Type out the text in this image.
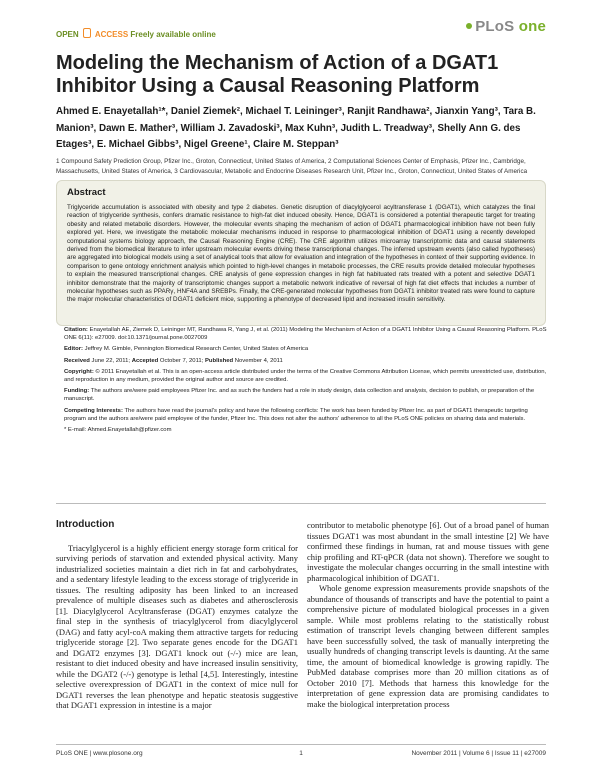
OPEN ACCESS Freely available online	PLoS one
Modeling the Mechanism of Action of a DGAT1 Inhibitor Using a Causal Reasoning Platform
Ahmed E. Enayetallah¹*, Daniel Ziemek², Michael T. Leininger³, Ranjit Randhawa², Jianxin Yang³, Tara B. Manion³, Dawn E. Mather³, William J. Zavadoski³, Max Kuhn³, Judith L. Treadway³, Shelly Ann G. des Etages³, E. Michael Gibbs³, Nigel Greene¹, Claire M. Steppan³
1 Compound Safety Prediction Group, Pfizer Inc., Groton, Connecticut, United States of America, 2 Computational Sciences Center of Emphasis, Pfizer Inc., Cambridge, Massachusetts, United States of America, 3 Cardiovascular, Metabolic and Endocrine Diseases Research Unit, Pfizer Inc., Groton, Connecticut, United States of America
Abstract

Triglyceride accumulation is associated with obesity and type 2 diabetes. Genetic disruption of diacylglycerol acyltransferase 1 (DGAT1), which catalyzes the final reaction of triglyceride synthesis, confers dramatic resistance to high-fat diet induced obesity. Hence, DGAT1 is considered a potential therapeutic target for treating obesity and related metabolic disorders. However, the molecular events shaping the mechanism of action of DGAT1 pharmacological inhibition have not been fully explored yet. Here, we investigate the metabolic molecular mechanisms induced in response to pharmacological inhibition of DGAT1 using a recently developed computational systems biology approach, the Causal Reasoning Engine (CRE). The CRE algorithm utilizes microarray transcriptomic data and causal statements derived from the biomedical literature to infer upstream molecular events driving these transcriptional changes. The inferred upstream events (also called hypotheses) are aggregated into biological models using a set of analytical tools that allow for evaluation and integration of the hypotheses in context of their supporting evidence. In comparison to gene ontology enrichment analysis which pointed to high-level changes in metabolic processes, the CRE results provide detailed molecular hypotheses to explain the measured transcriptional changes. CRE analysis of gene expression changes in high fat habituated rats treated with a potent and selective DGAT1 inhibitor demonstrate that the majority of transcriptomic changes support a metabolic network indicative of reversal of high fat diet effects that includes a number of molecular hypotheses such as PPARγ, HNF4A and SREBPs. Finally, the CRE-generated molecular hypotheses from DGAT1 inhibitor treated rats were found to capture the major molecular characteristics of DGAT1 deficient mice, supporting a phenotype of decreased lipid and increased insulin sensitivity.

Citation: Enayetallah AE, Ziemek D, Leininger MT, Randhawa R, Yang J, et al. (2011) Modeling the Mechanism of Action of a DGAT1 Inhibitor Using a Causal Reasoning Platform. PLoS ONE 6(11): e27009. doi:10.1371/journal.pone.0027009
Editor: Jeffrey M. Gimble, Pennington Biomedical Research Center, United States of America
Received June 22, 2011; Accepted October 7, 2011; Published November 4, 2011
Copyright: © 2011 Enayetallah et al. This is an open-access article distributed under the terms of the Creative Commons Attribution License, which permits unrestricted use, distribution, and reproduction in any medium, provided the original author and source are credited.
Funding: The authors are/were paid employees Pfizer Inc. and as such the funders had a role in study design, data collection and analysis, decision to publish, or preparation of the manuscript.
Competing Interests: The authors have read the journal's policy and have the following conflicts: The work has been funded by Pfizer Inc. as part of DGAT1 therapeutic targeting program and the authors are/were paid employee of the funder, Pfizer Inc. This does not alter the authors' adherence to all the PLoS ONE policies on sharing data and materials.
* E-mail: Ahmed.Enayetallah@pfizer.com
Introduction

Triacylglycerol is a highly efficient energy storage form critical for surviving periods of starvation and extended physical activity. Many industrialized societies maintain a diet rich in fat and carbohydrates, and a sedentary lifestyle leading to the excess storage of triglyceride in tissues. The resulting adiposity has been linked to an increased prevalence of multiple diseases such as diabetes and atherosclerosis [1]. Diacylglycerol Acyltransferase (DGAT) enzymes catalyze the final step in the synthesis of triacylglycerol from diacylglycerol (DAG) and fatty acyl-coA making them attractive targets for reducing triglyceride storage [2]. Two separate genes encode for the DGAT1 and DGAT2 enzymes [3]. DGAT1 knock out (-/-) mice are lean, resistant to diet induced obesity and have increased insulin sensitivity, while the DGAT2 (-/-) genotype is lethal [4,5]. Interestingly, intestine selective overexpression of DGAT1 in the context of mice null for DGAT1 reverses the lean phenotype and hepatic steatosis suggestive that DGAT1 expression in intestine is a major

contributor to metabolic phenotype [6]. Out of a broad panel of human tissues DGAT1 was most abundant in the small intestine [2] We have confirmed these findings in human, rat and mouse tissues with gene chip profiling and RT-qPCR (data not shown). Therefore we sought to investigate the molecular changes occurring in the small intestine with pharmacological inhibition of DGAT1.

Whole genome expression measurements provide snapshots of the abundance of thousands of transcripts and have the potential to paint a comprehensive picture of modulated biological processes in a given sample. While most problems relating to the statistically robust estimation of transcript levels changing between different samples have been successfully solved, the task of manually interpreting the usually hundreds of changing transcript levels is daunting. At the same time, the amount of biomedical knowledge is growing rapidly. The PubMed database comprises more than 20 million citations as of October 2010 [7]. Methods that harness this knowledge for the interpretation of gene expression data are promising candidates to make the biological interpretation process

PLoS ONE | www.plosone.org	1	November 2011 | Volume 6 | Issue 11 | e27009
